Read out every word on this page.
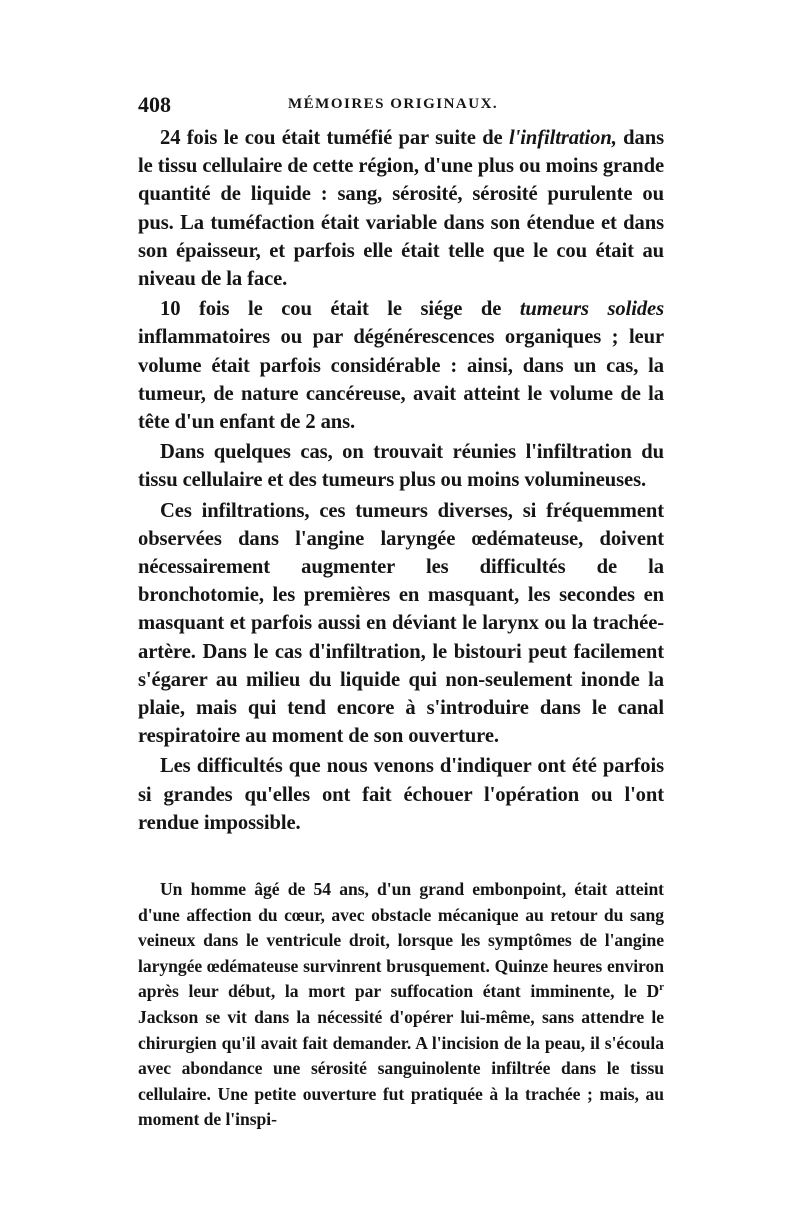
408	MÉMOIRES ORIGINAUX.

24 fois le cou était tuméfié par suite de l'infiltration, dans le tissu cellulaire de cette région, d'une plus ou moins grande quantité de liquide : sang, sérosité, sérosité purulente ou pus. La tuméfaction était variable dans son étendue et dans son épaisseur, et parfois elle était telle que le cou était au niveau de la face.

10 fois le cou était le siége de tumeurs solides inflammatoires ou par dégénérescences organiques ; leur volume était parfois considérable : ainsi, dans un cas, la tumeur, de nature cancéreuse, avait atteint le volume de la tête d'un enfant de 2 ans.

Dans quelques cas, on trouvait réunies l'infiltration du tissu cellulaire et des tumeurs plus ou moins volumineuses.

Ces infiltrations, ces tumeurs diverses, si fréquemment observées dans l'angine laryngée œdémateuse, doivent nécessairement augmenter les difficultés de la bronchotomie, les premières en masquant, les secondes en masquant et parfois aussi en déviant le larynx ou la trachée-artère. Dans le cas d'infiltration, le bistouri peut facilement s'égarer au milieu du liquide qui non-seulement inonde la plaie, mais qui tend encore à s'introduire dans le canal respiratoire au moment de son ouverture.

Les difficultés que nous venons d'indiquer ont été parfois si grandes qu'elles ont fait échouer l'opération ou l'ont rendue impossible.

Un homme âgé de 54 ans, d'un grand embonpoint, était atteint d'une affection du cœur, avec obstacle mécanique au retour du sang veineux dans le ventricule droit, lorsque les symptômes de l'angine laryngée œdémateuse survinrent brusquement. Quinze heures environ après leur début, la mort par suffocation étant imminente, le $D^r$ Jackson se vit dans la nécessité d'opérer lui-même, sans attendre le chirurgien qu'il avait fait demander. A l'incision de la peau, il s'écoula avec abondance une sérosité sanguinolente infiltrée dans le tissu cellulaire. Une petite ouverture fut pratiquée à la trachée ; mais, au moment de l'inspi-
